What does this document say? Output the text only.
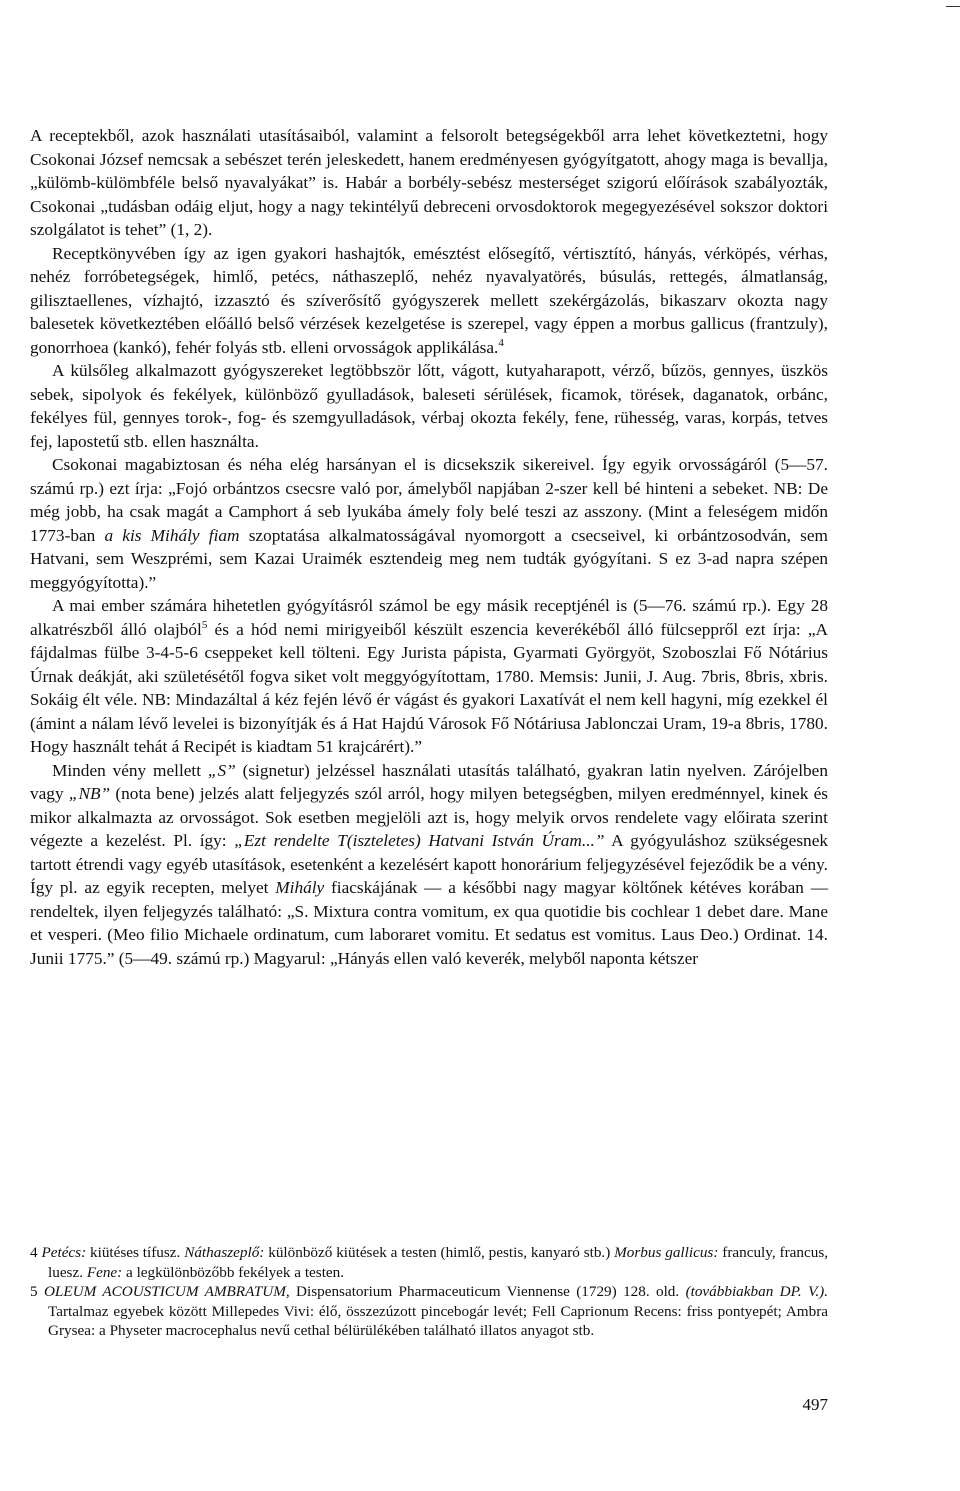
A receptekből, azok használati utasításaiból, valamint a felsorolt betegségekből arra lehet következtetni, hogy Csokonai József nemcsak a sebészet terén jeleskedett, hanem eredményesen gyógyítgatott, ahogy maga is bevallja, „külömb-külömbféle belső nyavalyákat” is. Habár a borbély-sebész mesterséget szigorú előírások szabályozták, Csokonai „tudásban odáig eljut, hogy a nagy tekintélyű debreceni orvosdoktorok megegyezésével sokszor doktori szolgálatot is tehet” (1, 2).

Receptkönyvében így az igen gyakori hashajtók, emésztést elősegítő, vértisztító, hányás, vérköpés, vérhas, nehéz forróbetegségek, himlő, petécs, náthaszeplő, nehéz nyavalyatörés, búsulás, rettegés, álmatlanság, gilisztaellenes, vízhajtó, izzasztó és szíverősítő gyógyszerek mellett szekérgázolás, bikaszarv okozta nagy balesetek következtében előálló belső vérzések kezelgetése is szerepel, vagy éppen a morbus gallicus (frantzuly), gonorrhoea (kankó), fehér folyás stb. elleni orvosságok applikálása.$^4$

A külsőleg alkalmazott gyógyszereket legtöbbször lőtt, vágott, kutyaharapott, vérző, bűzös, gennyes, üszkös sebek, sipolyok és fekélyek, különböző gyulladások, baleseti sérülések, ficamok, törések, daganatok, orbánc, fekélyes fül, gennyes torok-, fog- és szemgyulladások, vérbaj okozta fekély, fene, rühesség, varas, korpás, tetves fej, lapostetű stb. ellen használta.

Csokonai magabiztosan és néha elég harsányan el is dicsekszik sikereivel. Így egyik orvosságáról (5—57. számú rp.) ezt írja: „Fojó orbántzos csecsre való por, ámelyből napjában 2-szer kell bé hinteni a sebeket. NB: De még jobb, ha csak magát a Camphort á seb lyukába ámely foly belé teszi az asszony. (Mint a feleségem midőn 1773-ban a kis Mihály fiam szoptatása alkalmatosságával nyomorgott a csecseivel, ki orbántzosodván, sem Hatvani, sem Weszprémi, sem Kazai Uraimék esztendeig meg nem tudták gyógyítani. S ez 3-ad napra szépen meggyógyította).”

A mai ember számára hihetetlen gyógyításról számol be egy másik receptjénél is (5—76. számú rp.). Egy 28 alkatrészből álló olajból$^5$ és a hód nemi mirigyeiből készült eszencia keverékéből álló fülcseppről ezt írja: „A fájdalmas fülbe 3-4-5-6 cseppeket kell tölteni. Egy Jurista pápista, Gyarmati Györgyöt, Szoboszlai Fő Nótárius Úrnak deákját, aki születésétől fogva siket volt meggyógyítottam, 1780. Memsis: Junii, J. Aug. 7bris, 8bris, xbris. Sokáig élt véle. NB: Mindazáltal á kéz fején lévő ér vágást és gyakori Laxatívát el nem kell hagyni, míg ezekkel él (ámint a nálam lévő levelei is bizonyítják és á Hat Hajdú Városok Fő Nótáriusa Jablonczai Uram, 19-a 8bris, 1780. Hogy használt tehát á Recipét is kiadtam 51 krajcárért).”

Minden vény mellett „S” (signetur) jelzéssel használati utasítás található, gyakran latin nyelven. Zárójelben vagy „NB” (nota bene) jelzés alatt feljegyzés szól arról, hogy milyen betegségben, milyen eredménnyel, kinek és mikor alkalmazta az orvosságot. Sok esetben megjelöli azt is, hogy melyik orvos rendelete vagy előirata szerint végezte a kezelést. Pl. így: „Ezt rendelte T(iszteletes) Hatvani István Úram...” A gyógyuláshoz szükségesnek tartott étrendi vagy egyéb utasítások, esetenként a kezelésért kapott honorárium feljegyzésével fejeződik be a vény. Így pl. az egyik recepten, melyet Mihály fiacskájának — a későbbi nagy magyar költőnek kétéves korában — rendeltek, ilyen feljegyzés található: „S. Mixtura contra vomitum, ex qua quotidie bis cochlear 1 debet dare. Mane et vesperi. (Meo filio Michaele ordinatum, cum laboraret vomitu. Et sedatus est vomitus. Laus Deo.) Ordinat. 14. Junii 1775.” (5—49. számú rp.) Magyarul: „Hányás ellen való keverék, melyből naponta kétszer

4 Petécs: kiütéses tífusz. Náthaszeplő: különböző kiütések a testen (himlő, pestis, kanyaró stb.) Morbus gallicus: franculy, francus, luesz. Fene: a legkülönbözőbb fekélyek a testen.

5 OLEUM ACOUSTICUM AMBRATUM, Dispensatorium Pharmaceuticum Viennense (1729) 128. old. (továbbiakban DP. V.). Tartalmaz egyebek között Millepedes Vivi: élő, összezúzott pincebogár levét; Fell Caprionum Recens: friss pontyepét; Ambra Grysea: a Physeter macrocephalus nevű cethal bélürülékében található illatos anyagot stb.

497
